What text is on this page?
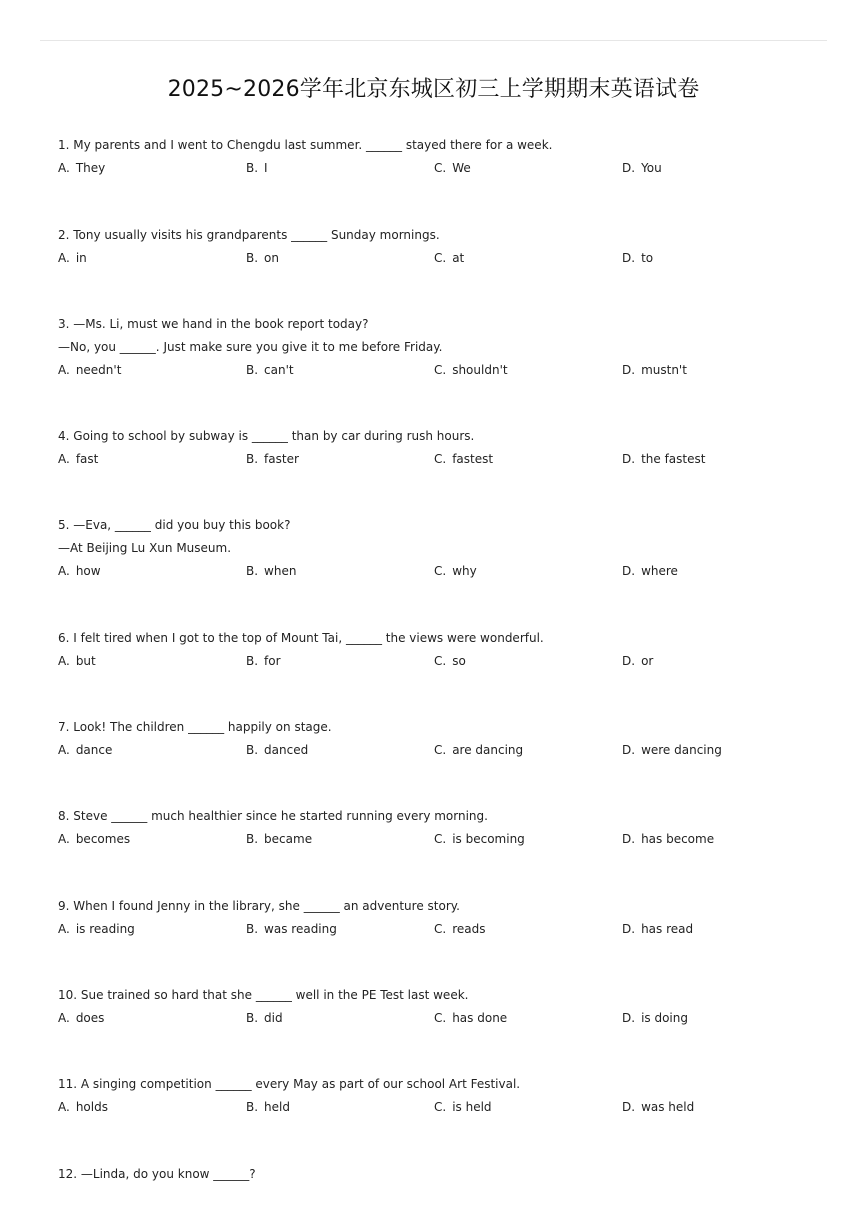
2025~2026学年北京东城区初三上学期期末英语试卷
1. My parents and I went to Chengdu last summer. ______ stayed there for a week.
A. They	B. I	C. We	D. You
2. Tony usually visits his grandparents ______ Sunday mornings.
A. in	B. on	C. at	D. to
3. —Ms. Li, must we hand in the book report today?
—No, you ______. Just make sure you give it to me before Friday.
A. needn't	B. can't	C. shouldn't	D. mustn't
4. Going to school by subway is ______ than by car during rush hours.
A. fast	B. faster	C. fastest	D. the fastest
5. —Eva, ______ did you buy this book?
—At Beijing Lu Xun Museum.
A. how	B. when	C. why	D. where
6. I felt tired when I got to the top of Mount Tai, ______ the views were wonderful.
A. but	B. for	C. so	D. or
7. Look! The children ______ happily on stage.
A. dance	B. danced	C. are dancing	D. were dancing
8. Steve ______ much healthier since he started running every morning.
A. becomes	B. became	C. is becoming	D. has become
9. When I found Jenny in the library, she ______ an adventure story.
A. is reading	B. was reading	C. reads	D. has read
10. Sue trained so hard that she ______ well in the PE Test last week.
A. does	B. did	C. has done	D. is doing
11. A singing competition ______ every May as part of our school Art Festival.
A. holds	B. held	C. is held	D. was held
12. —Linda, do you know ______?
